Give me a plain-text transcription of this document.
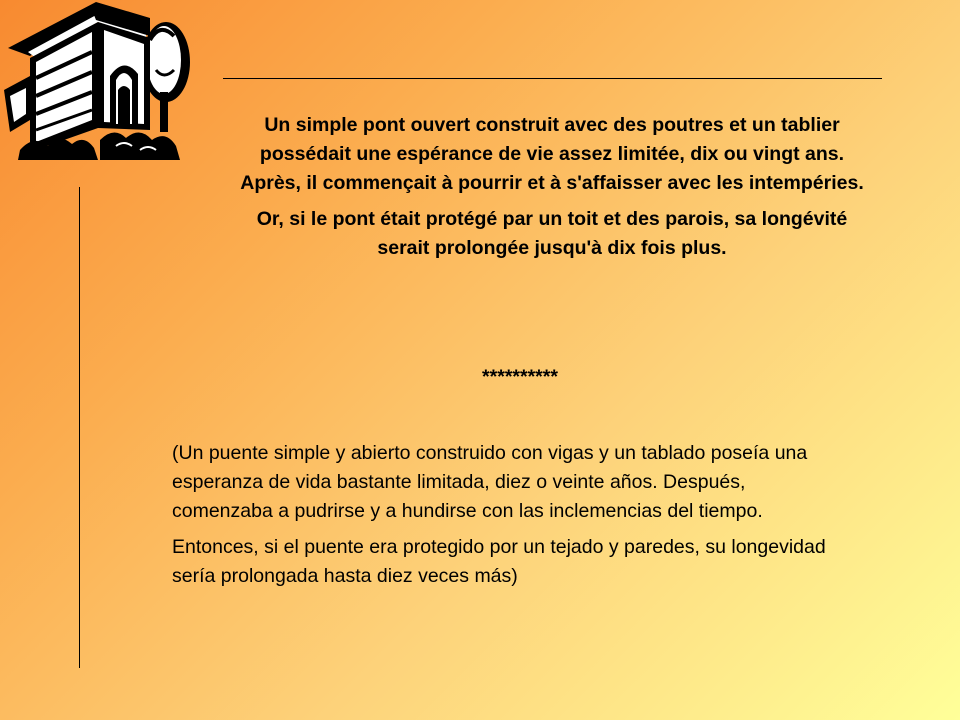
Un simple pont ouvert construit avec des poutres et un tablier possédait une espérance de vie assez limitée, dix ou vingt ans. Après, il commençait à pourrir et à s'affaisser avec les intempéries.

Or, si le pont était protégé par un toit et des parois, sa longévité serait prolongée jusqu'à dix fois plus.

**********

(Un puente simple y abierto construido con vigas y un tablado poseía una esperanza de vida bastante limitada, diez o veinte años. Después, comenzaba a pudrirse y a hundirse con las inclemencias del tiempo.

Entonces, si el puente era protegido por un tejado y paredes, su longevidad sería prolongada hasta diez veces más)
